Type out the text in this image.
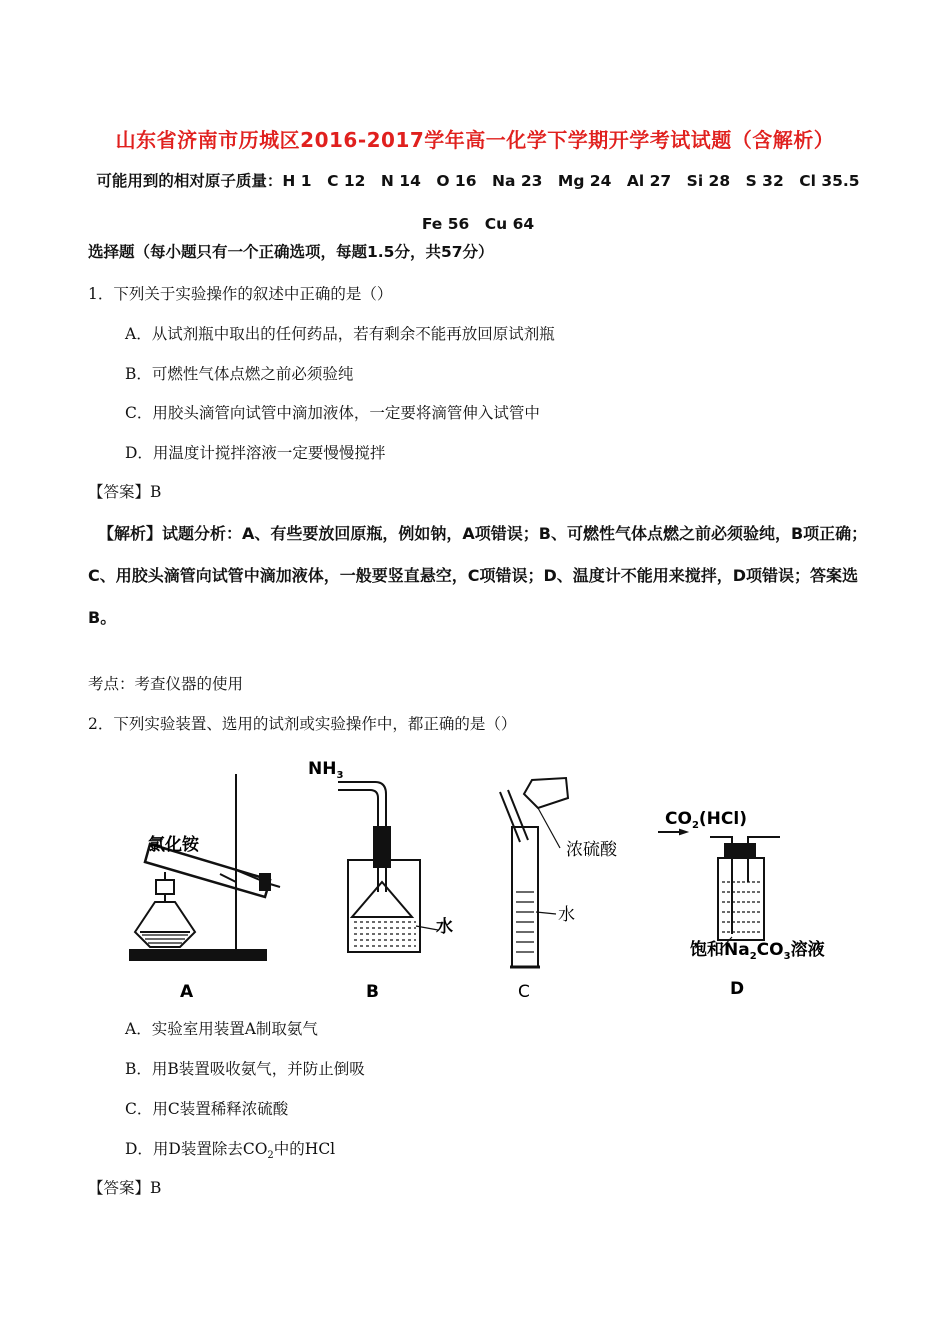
山东省济南市历城区2016-2017学年高一化学下学期开学考试试题（含解析）
可能用到的相对原子质量：H 1　C 12　N 14　O 16　Na 23　Mg 24　Al 27　Si 28　S 32　Cl 35.5　Fe 56　Cu 64
选择题（每小题只有一个正确选项，每题1.5分，共57分）
1．下列关于实验操作的叙述中正确的是（）
A．从试剂瓶中取出的任何药品，若有剩余不能再放回原试剂瓶
B．可燃性气体点燃之前必须验纯
C．用胶头滴管向试管中滴加液体，一定要将滴管伸入试管中
D．用温度计搅拌溶液一定要慢慢搅拌
【答案】B
【解析】试题分析：A、有些要放回原瓶，例如钠，A项错误；B、可燃性气体点燃之前必须验纯，B项正确；C、用胶头滴管向试管中滴加液体，一般要竖直悬空，C项错误；D、温度计不能用来搅拌，D项错误；答案选B。
考点：考查仪器的使用
2．下列实验装置、选用的试剂或实验操作中，都正确的是（）
氯化铵
$NH_3$
水
浓硫酸
水
$CO_2(HCl)$
饱和$Na_2CO_3$溶液
A	B	C	D
A．实验室用装置A制取氨气
B．用B装置吸收氨气，并防止倒吸
C．用C装置稀释浓硫酸
D．用D装置除去$CO_2$中的HCl
【答案】B
